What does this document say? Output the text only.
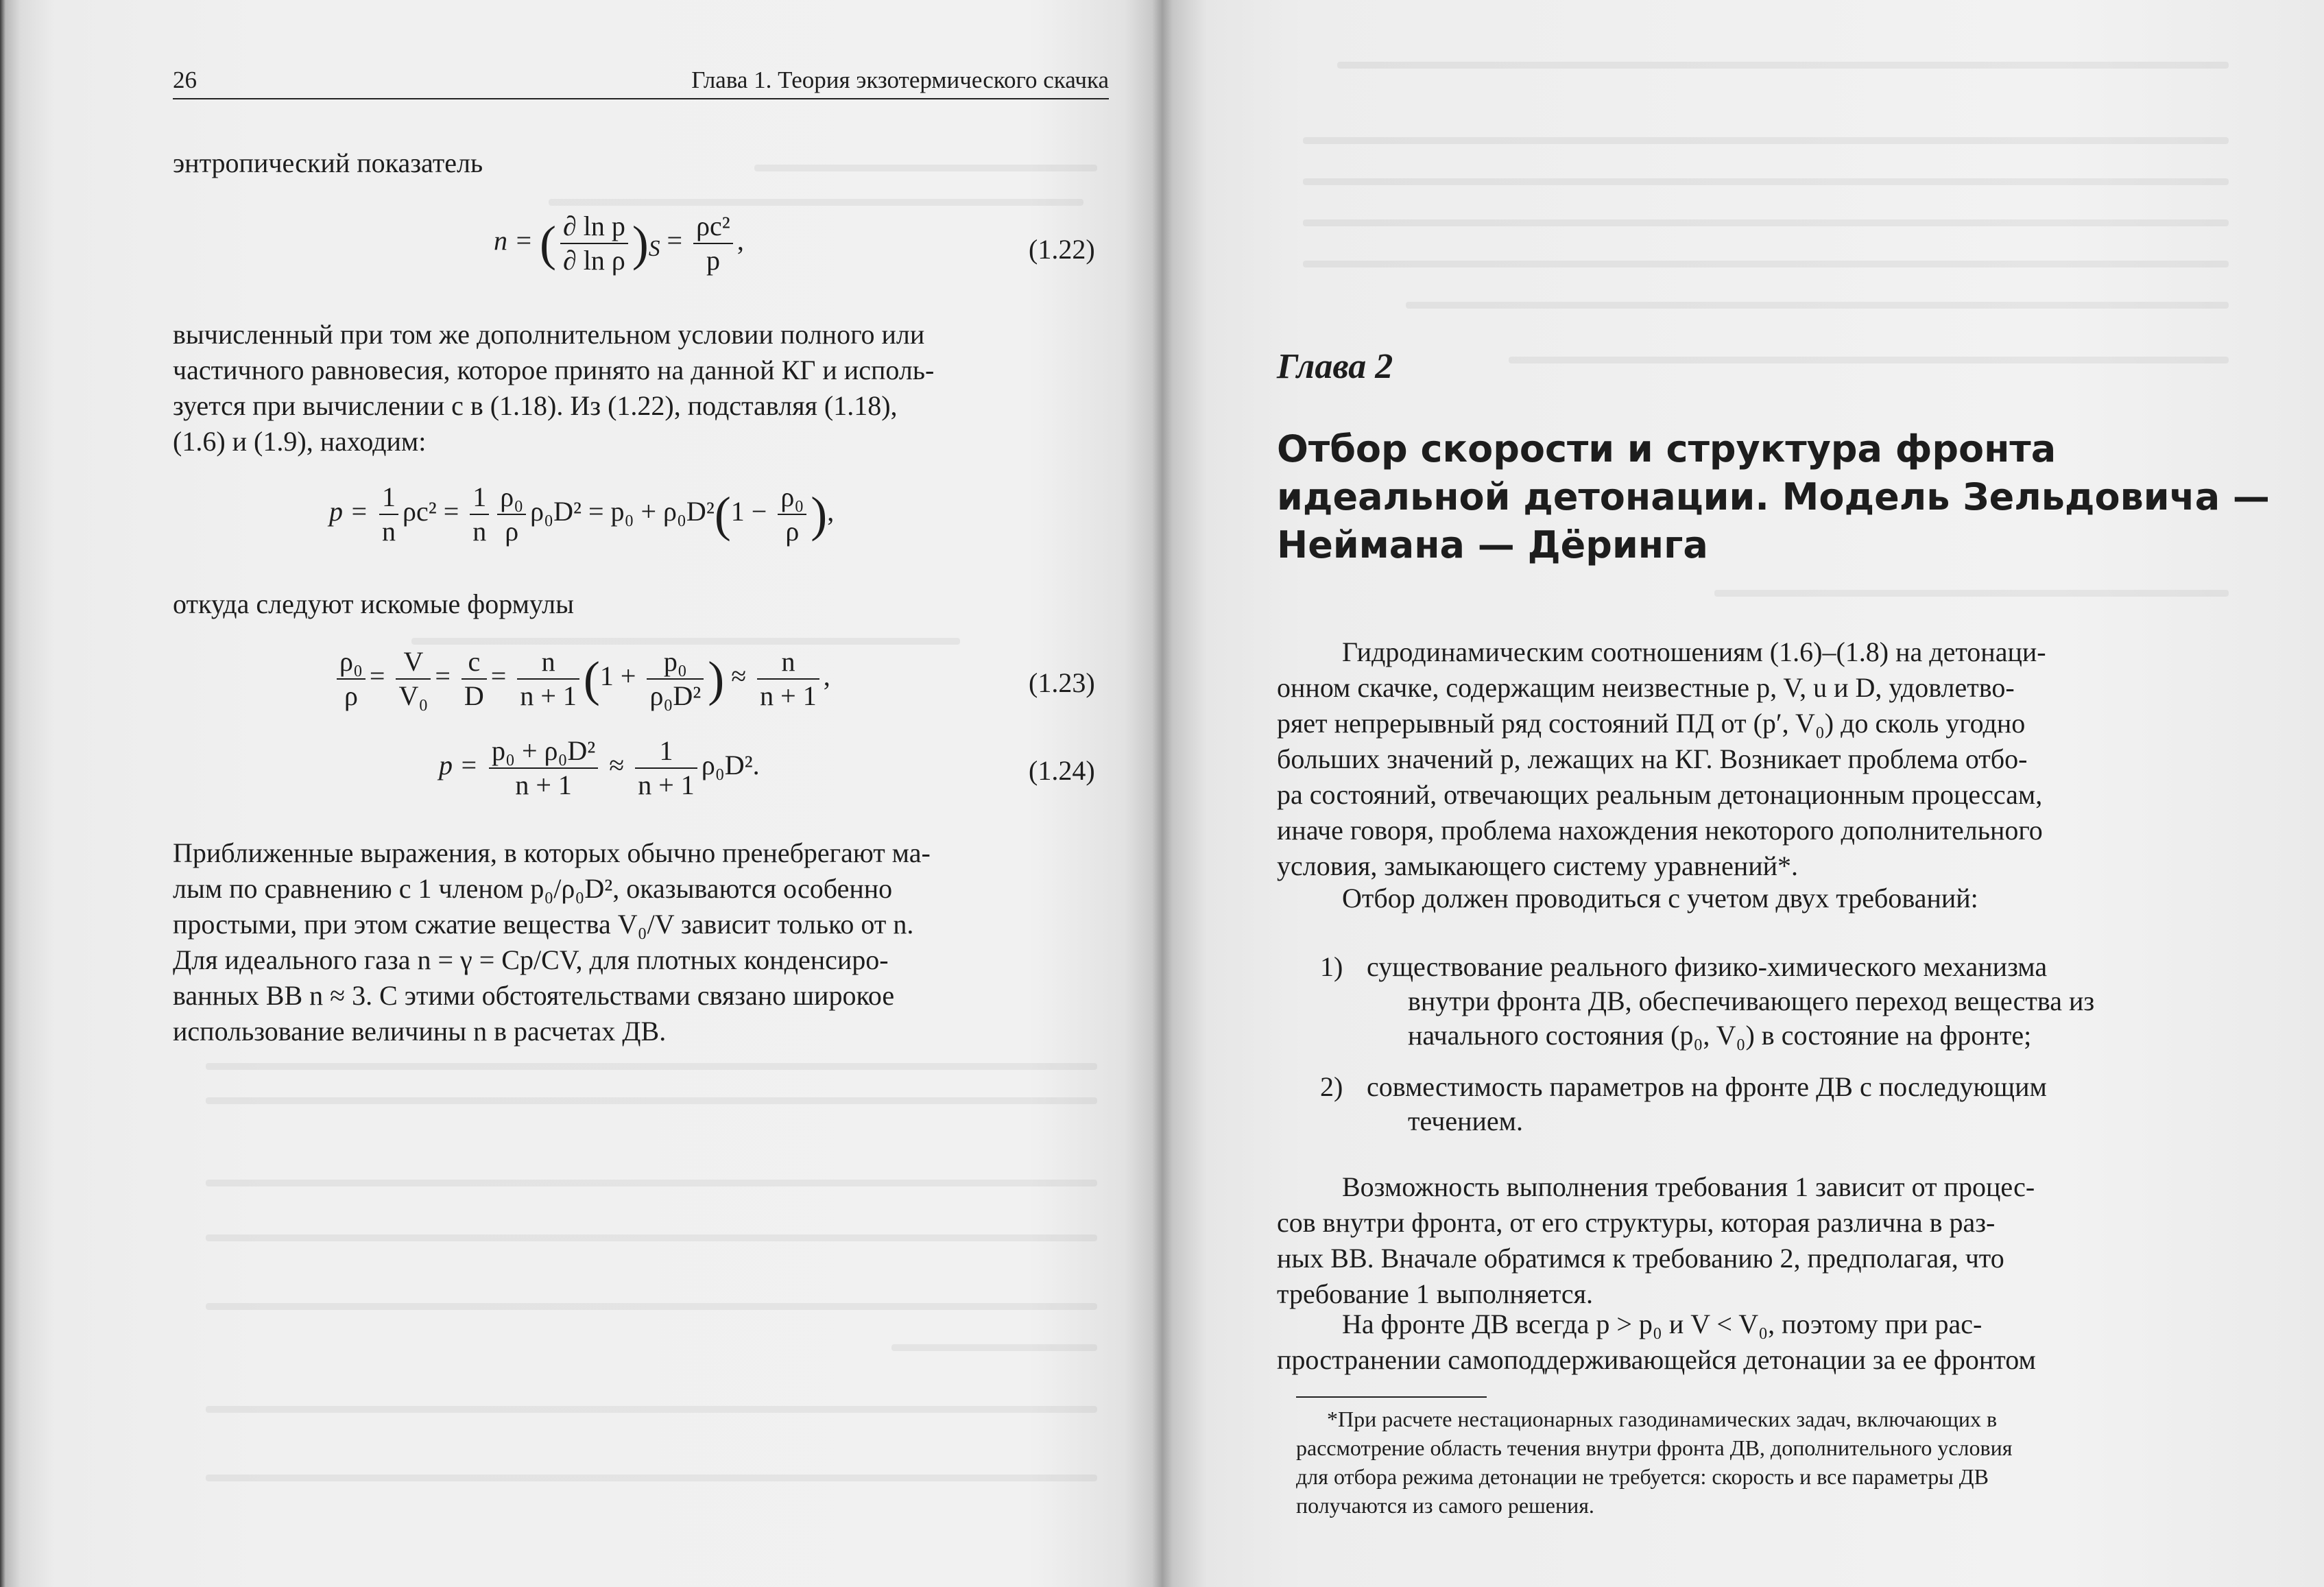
26	Глава 1. Теория экзотермического скачка
энтропический показатель
n = ( $\frac{\text{∂ ln p}}{\text{∂ ln ρ}} )_S = \frac{\text{ρc²}}{p}$ ,	(1.22)
вычисленный при том же дополнительном условии полного или
частичного равновесия, которое принято на данной КГ и исполь-
зуется при вычислении c в (1.18). Из (1.22), подставляя (1.18),
(1.6) и (1.9), находим:
$p = \frac{1}{n} \rho c^2 = \frac{1}{n} \frac{\text{ρ₀}}{\rho} \rho_0D^2 = p_0 + \rho_0D^2(1 - \frac{\text{ρ₀}}{\rho}$ ),
откуда следуют искомые формулы
$\frac{\text{ρ₀}}{\rho} = \frac{V}{\text{V₀}} = \frac{c}{D} = \frac{n}{n + 1} (1 + \frac{\text{p₀}}{\text{ρ₀D²}}$ ) ≈ $\frac{n}{n + 1}$ ,	(1.23)
$p = \frac{\text{p₀ + ρ₀D²}}{n + 1} \approx \frac{1}{n + 1} \rho_0D^2$.	(1.24)
Приближенные выражения, в которых обычно пренебрегают ма-
лым по сравнению с 1 членом p₀/ρ₀D², оказываются особенно
простыми, при этом сжатие вещества V₀/V зависит только от n.
Для идеального газа n = γ = Cp/CV, для плотных конденсиро-
ванных ВВ n ≈ 3. С этими обстоятельствами связано широкое
использование величины n в расчетах ДВ.
Глава 2
Отбор скорости и структура фронта
идеальной детонации. Модель Зельдовича —
Неймана — Дёринга
Гидродинамическим соотношениям (1.6)–(1.8) на детонаци-
онном скачке, содержащим неизвестные p, V, u и D, удовлетво-
ряет непрерывный ряд состояний ПД от (p′, V₀) до сколь угодно
больших значений p, лежащих на КГ. Возникает проблема отбо-
ра состояний, отвечающих реальным детонационным процессам,
иначе говоря, проблема нахождения некоторого дополнительного
условия, замыкающего систему уравнений*.
Отбор должен проводиться с учетом двух требований:
1) существование реального физико-химического механизма
внутри фронта ДВ, обеспечивающего переход вещества из
начального состояния (p₀, V₀) в состояние на фронте;
2) совместимость параметров на фронте ДВ с последующим
течением.
Возможность выполнения требования 1 зависит от процес-
сов внутри фронта, от его структуры, которая различна в раз-
ных ВВ. Вначале обратимся к требованию 2, предполагая, что
требование 1 выполняется.
На фронте ДВ всегда p > p₀ и V < V₀, поэтому при рас-
пространении самоподдерживающейся детонации за ее фронтом
*При расчете нестационарных газодинамических задач, включающих в
рассмотрение область течения внутри фронта ДВ, дополнительного условия
для отбора режима детонации не требуется: скорость и все параметры ДВ
получаются из самого решения.
